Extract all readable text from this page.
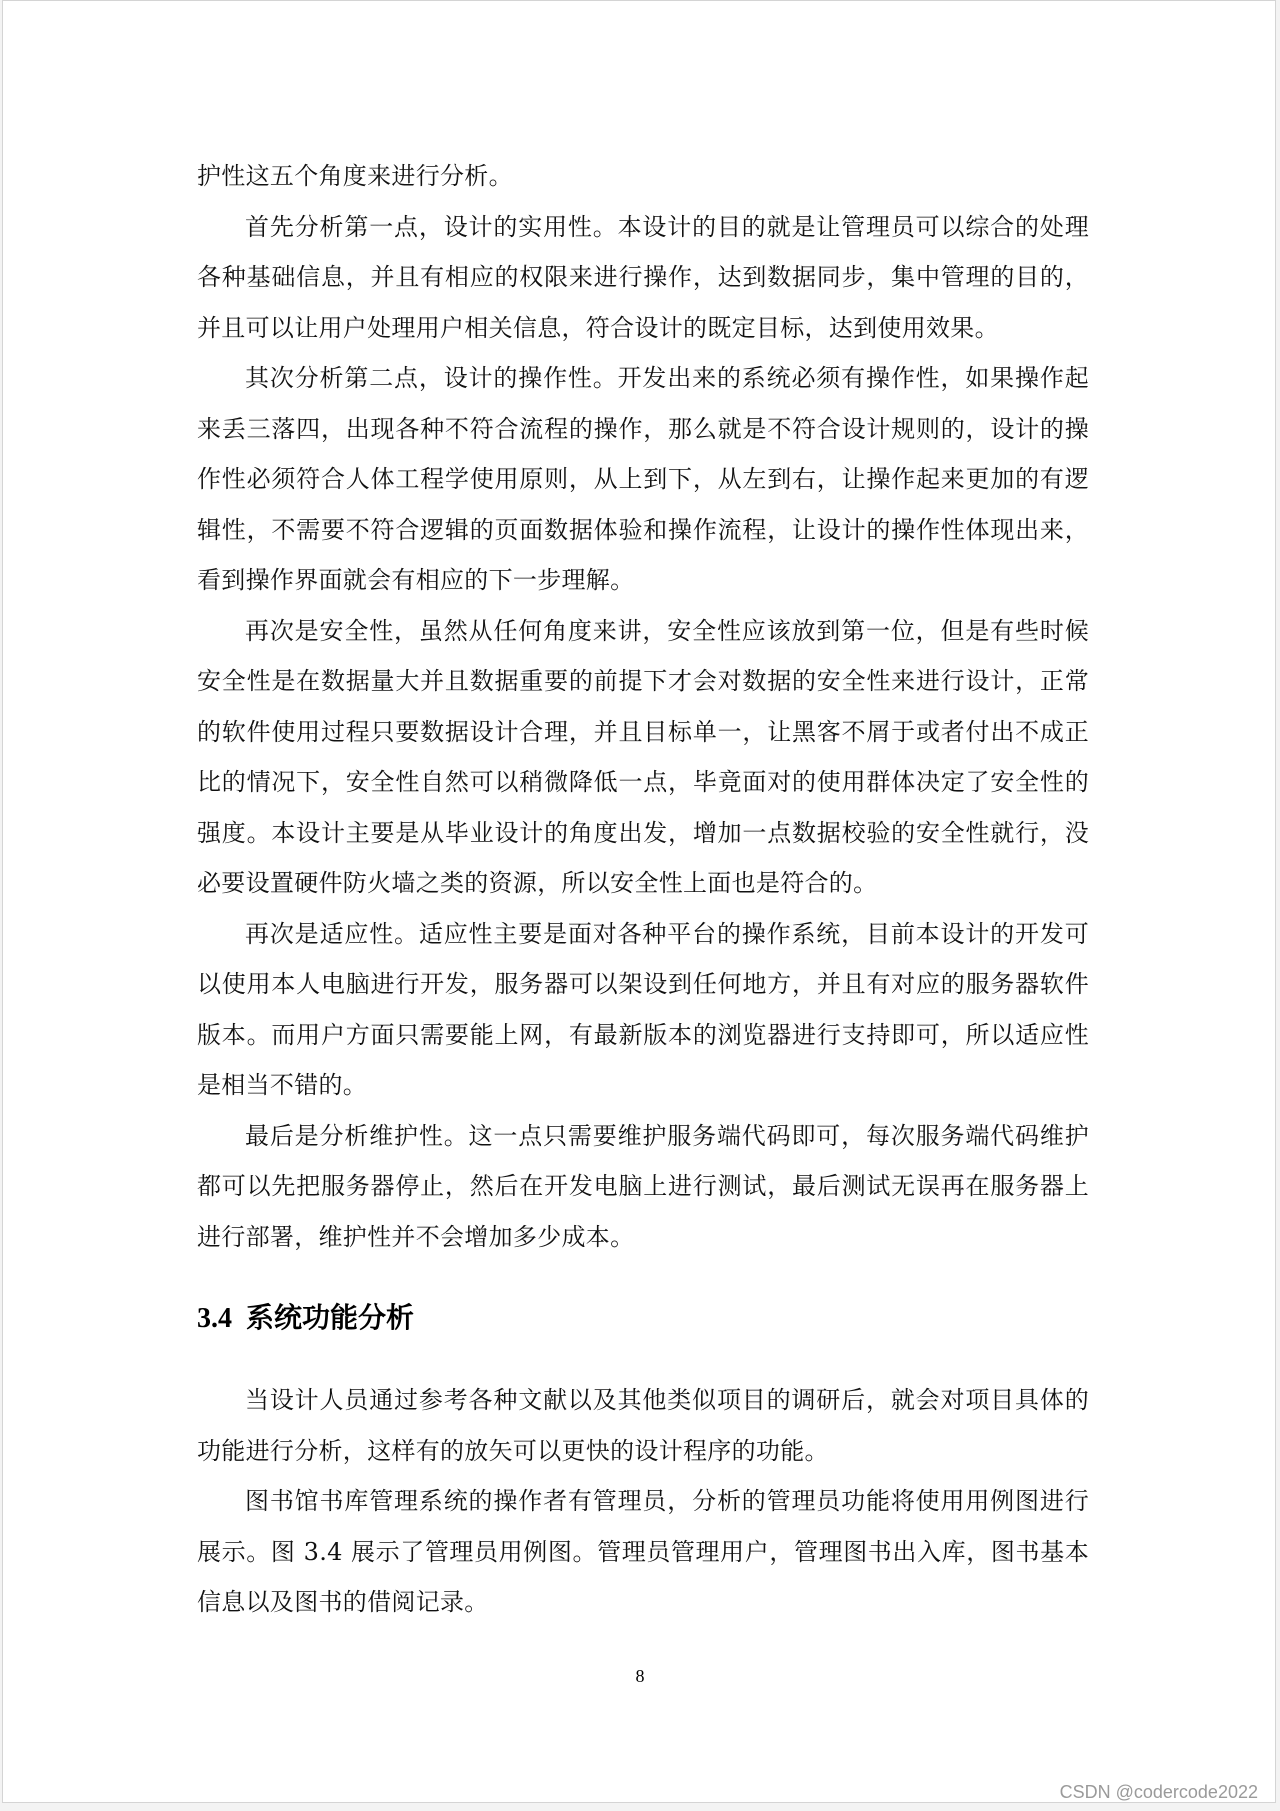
护性这五个角度来进行分析。

首先分析第一点，设计的实用性。本设计的目的就是让管理员可以综合的处理各种基础信息，并且有相应的权限来进行操作，达到数据同步，集中管理的目的，并且可以让用户处理用户相关信息，符合设计的既定目标，达到使用效果。

其次分析第二点，设计的操作性。开发出来的系统必须有操作性，如果操作起来丢三落四，出现各种不符合流程的操作，那么就是不符合设计规则的，设计的操作性必须符合人体工程学使用原则，从上到下，从左到右，让操作起来更加的有逻辑性，不需要不符合逻辑的页面数据体验和操作流程，让设计的操作性体现出来，看到操作界面就会有相应的下一步理解。

再次是安全性，虽然从任何角度来讲，安全性应该放到第一位，但是有些时候安全性是在数据量大并且数据重要的前提下才会对数据的安全性来进行设计，正常的软件使用过程只要数据设计合理，并且目标单一，让黑客不屑于或者付出不成正比的情况下，安全性自然可以稍微降低一点，毕竟面对的使用群体决定了安全性的强度。本设计主要是从毕业设计的角度出发，增加一点数据校验的安全性就行，没必要设置硬件防火墙之类的资源，所以安全性上面也是符合的。

再次是适应性。适应性主要是面对各种平台的操作系统，目前本设计的开发可以使用本人电脑进行开发，服务器可以架设到任何地方，并且有对应的服务器软件版本。而用户方面只需要能上网，有最新版本的浏览器进行支持即可，所以适应性是相当不错的。

最后是分析维护性。这一点只需要维护服务端代码即可，每次服务端代码维护都可以先把服务器停止，然后在开发电脑上进行测试，最后测试无误再在服务器上进行部署，维护性并不会增加多少成本。

3.4 系统功能分析

当设计人员通过参考各种文献以及其他类似项目的调研后，就会对项目具体的功能进行分析，这样有的放矢可以更快的设计程序的功能。

图书馆书库管理系统的操作者有管理员，分析的管理员功能将使用用例图进行展示。图 3.4 展示了管理员用例图。管理员管理用户，管理图书出入库，图书基本信息以及图书的借阅记录。

8
CSDN @codercode2022
